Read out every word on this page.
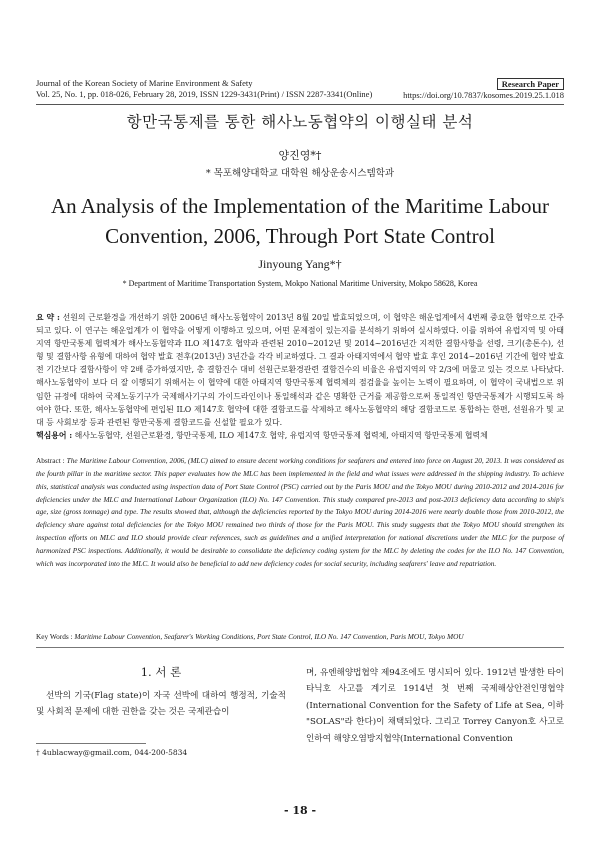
Journal of the Korean Society of Marine Environment & Safety
Vol. 25, No. 1, pp. 018-026, February 28, 2019, ISSN 1229-3431(Print) / ISSN 2287-3341(Online)
Research Paper
https://doi.org/10.7837/kosomes.2019.25.1.018
항만국통제를 통한 해사노동협약의 이행실태 분석
양진영*†
* 목포해양대학교 대학원 해상운송시스템학과
An Analysis of the Implementation of the Maritime Labour Convention, 2006, Through Port State Control
Jinyoung Yang*†
* Department of Maritime Transportation System, Mokpo National Maritime University, Mokpo 58628, Korea
요 약 : 선원의 근로환경을 개선하기 위한 2006년 해사노동협약이 2013년 8월 20일 발효되었으며, 이 협약은 해운업계에서 4번째 중요한 협약으로 간주되고 있다. 이 연구는 해운업계가 이 협약을 어떻게 이행하고 있으며, 어떤 문제점이 있는지를 분석하기 위하여 실시하였다. 이를 위하여 유럽지역 및 아태지역 항만국통제 협력체가 해사노동협약과 ILO 제147호 협약과 관련된 2010~2012년 및 2014~2016년간 지적한 결함사항을 선령, 크기(총톤수), 선형 및 결함사항 유형에 대하여 협약 발효 전후(2013년) 3년간을 각각 비교하였다. 그 결과 아태지역에서 협약 발효 후인 2014~2016년 기간에 협약 발효 전 기간보다 결함사항이 약 2배 증가하였지만, 총 결함건수 대비 선원근로환경관련 결함건수의 비율은 유럽지역의 약 2/3에 머물고 있는 것으로 나타났다. 해사노동협약이 보다 더 잘 이행되기 위해서는 이 협약에 대한 아태지역 항만국통제 협력체의 점검율을 높이는 노력이 필요하며, 이 협약이 국내법으로 위임한 규정에 대하여 국제노동기구가 국제해사기구의 가이드라인이나 통일해석과 같은 명확한 근거를 제공함으로써 통일적인 항만국통제가 시행되도록 하여야 한다. 또한, 해사노동협약에 편입된 ILO 제147호 협약에 대한 결함코드를 삭제하고 해사노동협약의 해당 결함코드로 통합하는 한편, 선원유가 및 교대 등 사회보장 등과 관련된 항만국통제 결함코드를 신설할 필요가 있다.
핵심용어 : 해사노동협약, 선원근로환경, 항만국통제, ILO 제147호 협약, 유럽지역 항만국통제 협력체, 아태지역 항만국통제 협력체
Abstract : The Maritime Labour Convention, 2006, (MLC) aimed to ensure decent working conditions for seafarers and entered into force on August 20, 2013. It was considered as the fourth pillar in the maritime sector. This paper evaluates how the MLC has been implemented in the field and what issues were addressed in the shipping industry. To achieve this, statistical analysis was conducted using inspection data of Port State Control (PSC) carried out by the Paris MOU and the Tokyo MOU during 2010-2012 and 2014-2016 for deficiencies under the MLC and International Labour Organization (ILO) No. 147 Convention. This study compared pre-2013 and post-2013 deficiency data according to ship's age, size (gross tonnage) and type. The results showed that, although the deficiencies reported by the Tokyo MOU during 2014-2016 were nearly double those from 2010-2012, the deficiency share against total deficiencies for the Tokyo MOU remained two thirds of those for the Paris MOU. This study suggests that the Tokyo MOU should strengthen its inspection efforts on MLC and ILO should provide clear references, such as guidelines and a unified interpretation for national discretions under the MLC for the purpose of harmonized PSC inspections. Additionally, it would be desirable to consolidate the deficiency coding system for the MLC by deleting the codes for the ILO No. 147 Convention, which was incorporated into the MLC. It would also be beneficial to add new deficiency codes for social security, including seafarers' leave and repatriation.
Key Words : Maritime Labour Convention, Seafarer's Working Conditions, Port State Control, ILO No. 147 Convention, Paris MOU, Tokyo MOU
1. 서 론
선박의 기국(Flag state)이 자국 선박에 대하여 행정적, 기술적 및 사회적 문제에 대한 권한을 갖는 것은 국제관습이
며, 유엔해양법협약 제94조에도 명시되어 있다. 1912년 발생한 타이타닉호 사고를 계기로 1914년 첫 번째 국제해상안전인명협약(International Convention for the Safety of Life at Sea, 이하 "SOLAS"라 한다)이 채택되었다. 그리고 Torrey Canyon호 사고로 인하여 해양오염방지협약(International Convention
† 4ublacway@gmail.com, 044-200-5834
- 18 -
